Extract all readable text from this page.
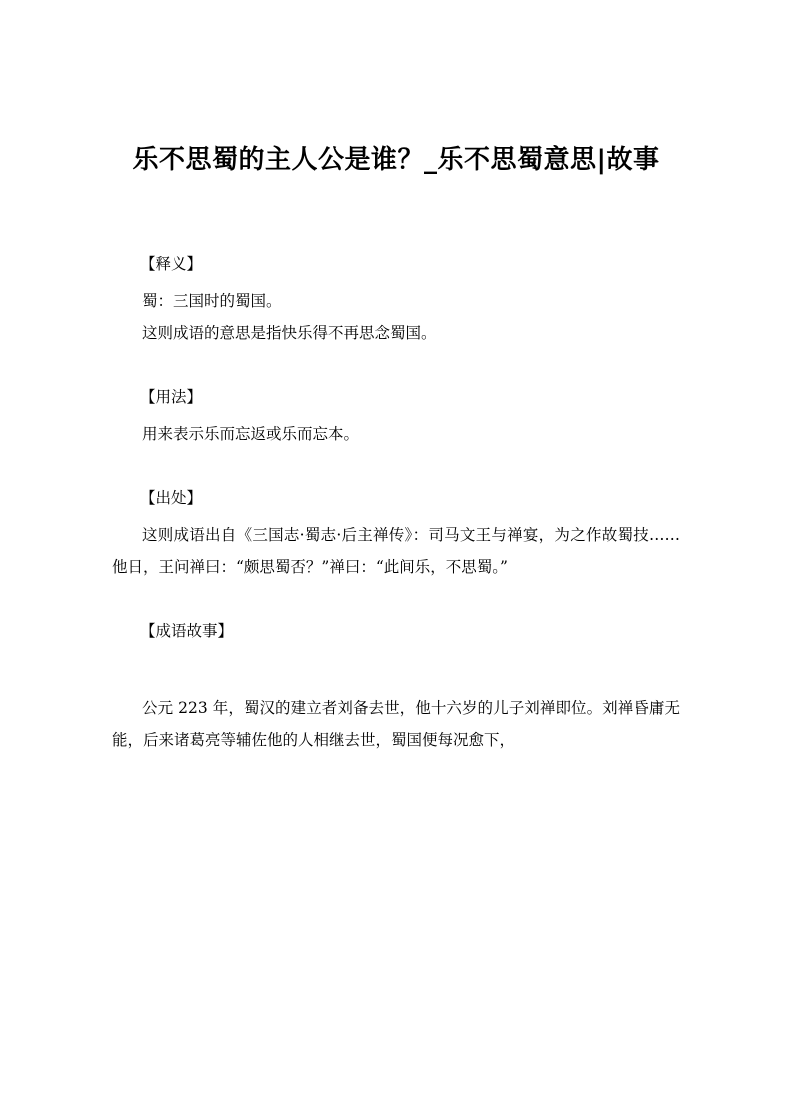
乐不思蜀的主人公是谁？_乐不思蜀意思|故事

【释义】

蜀：三国时的蜀国。

这则成语的意思是指快乐得不再思念蜀国。

【用法】

用来表示乐而忘返或乐而忘本。

【出处】

这则成语出自《三国志·蜀志·后主禅传》：司马文王与禅宴，为之作故蜀技……他日，王问禅曰：“颇思蜀否？”禅曰：“此间乐，不思蜀。”

【成语故事】

公元 223 年，蜀汉的建立者刘备去世，他十六岁的儿子刘禅即位。刘禅昏庸无能，后来诸葛亮等辅佐他的人相继去世，蜀国便每况愈下，
